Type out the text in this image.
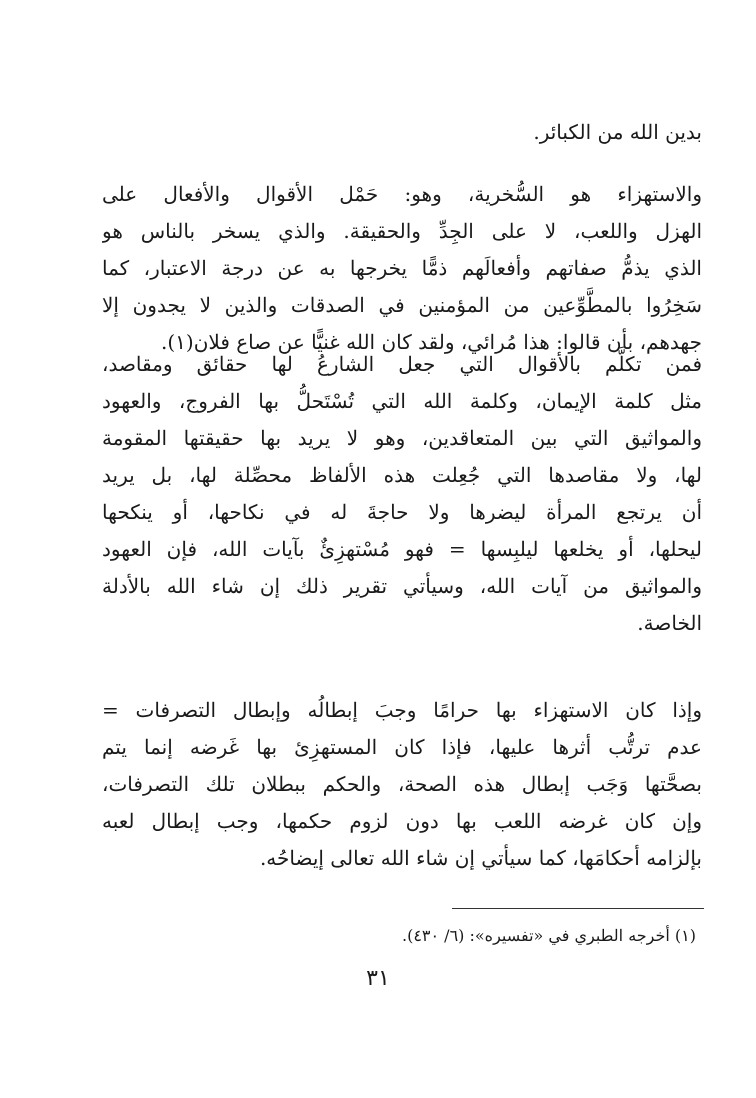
بدين الله من الكبائر.
والاستهزاء هو السُّخرية، وهو: حَمْل الأقوال والأفعال على
الهزل واللعب، لا على الجِدِّ والحقيقة. والذي يسخر بالناس هو
الذي يذمُّ صفاتهم وأفعالَهم ذمًّا يخرجها به عن درجة الاعتبار، كما
سَخِرُوا بالمطَّوِّعين من المؤمنين في الصدقات والذين لا يجدون إلا
جهدهم، بأن قالوا: هذا مُرائي، ولقد كان الله غنيًّا عن صاع فلان(١).
فمن تكلَّم بالأقوال التي جعل الشارعُ لها حقائق ومقاصد،
مثل كلمة الإيمان، وكلمة الله التي تُسْتَحلُّ بها الفروج، والعهود
والمواثيق التي بين المتعاقدين، وهو لا يريد بها حقيقتها المقومة
لها، ولا مقاصدها التي جُعِلت هذه الألفاظ محصِّلة لها، بل يريد
أن يرتجع المرأة ليضرها ولا حاجةَ له في نكاحها، أو ينكحها
ليحلها، أو يخلعها ليلبِسها = فهو مُسْتهزِئٌ بآيات الله، فإن العهود
والمواثيق من آيات الله، وسيأتي تقرير ذلك إن شاء الله بالأدلة
الخاصة.
وإذا كان الاستهزاء بها حرامًا وجبَ إبطالُه وإبطال التصرفات =
عدم ترتُّب أثرها عليها، فإذا كان المستهزِئ بها غَرضه إنما يتم
بصحَّتها وَجَب إبطال هذه الصحة، والحكم ببطلان تلك التصرفات،
وإن كان غرضه اللعب بها دون لزوم حكمها، وجب إبطال لعبه
بإلزامه أحكامَها، كما سيأتي إن شاء الله تعالى إيضاحُه.
(١) أخرجه الطبري في «تفسيره»: (٦/ ٤٣٠).
٣١
